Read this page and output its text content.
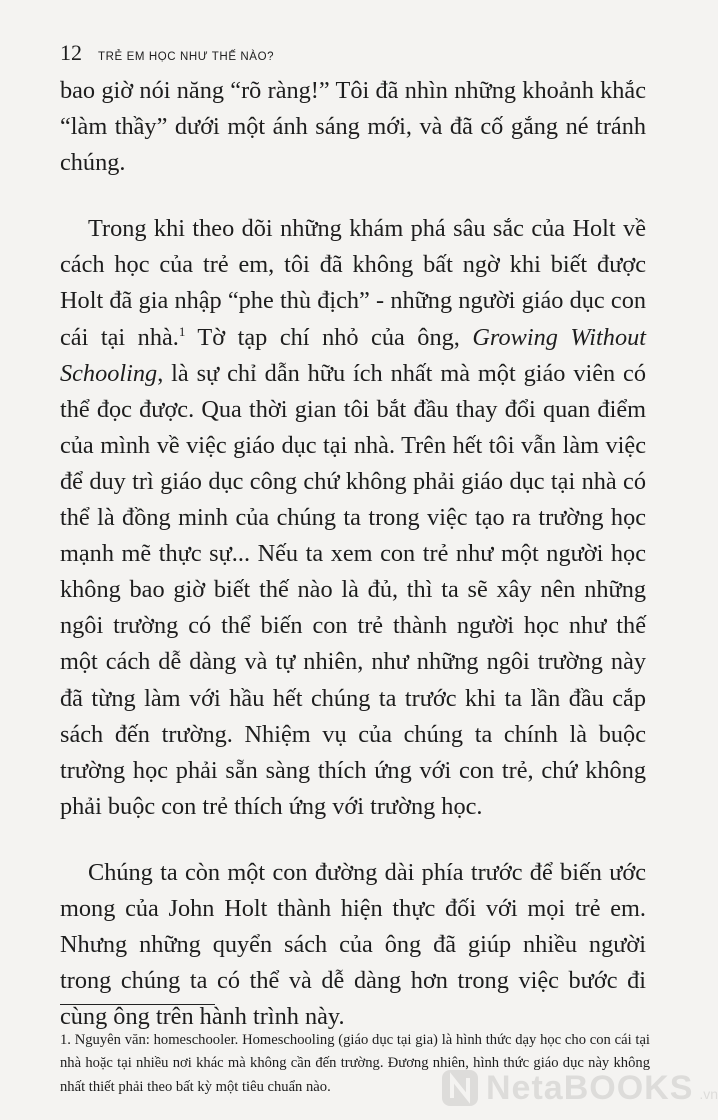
12 TRẺ EM HỌC NHƯ THẾ NÀO?

bao giờ nói năng “rõ ràng!” Tôi đã nhìn những khoảnh khắc “làm thầy” dưới một ánh sáng mới, và đã cố gắng né tránh chúng.

Trong khi theo dõi những khám phá sâu sắc của Holt về cách học của trẻ em, tôi đã không bất ngờ khi biết được Holt đã gia nhập “phe thù địch” - những người giáo dục con cái tại nhà.$^1$ Tờ tạp chí nhỏ của ông, Growing Without Schooling, là sự chỉ dẫn hữu ích nhất mà một giáo viên có thể đọc được. Qua thời gian tôi bắt đầu thay đổi quan điểm của mình về việc giáo dục tại nhà. Trên hết tôi vẫn làm việc để duy trì giáo dục công chứ không phải giáo dục tại nhà có thể là đồng minh của chúng ta trong việc tạo ra trường học mạnh mẽ thực sự... Nếu ta xem con trẻ như một người học không bao giờ biết thế nào là đủ, thì ta sẽ xây nên những ngôi trường có thể biến con trẻ thành người học như thế một cách dễ dàng và tự nhiên, như những ngôi trường này đã từng làm với hầu hết chúng ta trước khi ta lần đầu cắp sách đến trường. Nhiệm vụ của chúng ta chính là buộc trường học phải sẵn sàng thích ứng với con trẻ, chứ không phải buộc con trẻ thích ứng với trường học.

Chúng ta còn một con đường dài phía trước để biến ước mong của John Holt thành hiện thực đối với mọi trẻ em. Nhưng những quyển sách của ông đã giúp nhiều người trong chúng ta có thể và dễ dàng hơn trong việc bước đi cùng ông trên hành trình này.

1. Nguyên văn: homeschooler. Homeschooling (giáo dục tại gia) là hình thức dạy học cho con cái tại nhà hoặc tại nhiều nơi khác mà không cần đến trường. Đương nhiên, hình thức giáo dục này không nhất thiết phải theo bất kỳ một tiêu chuẩn nào.	NetaBOOKS .vn
